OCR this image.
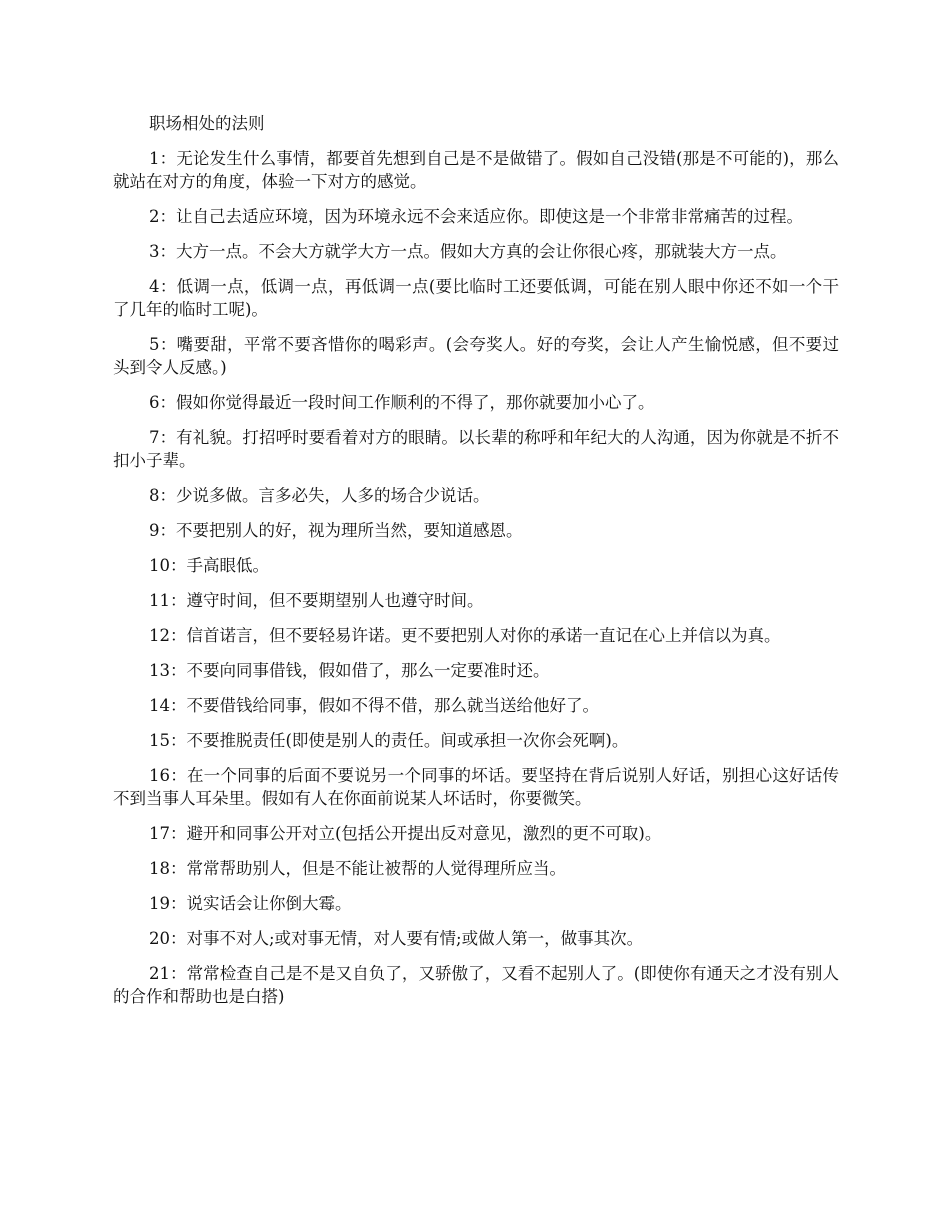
职场相处的法则

1：无论发生什么事情，都要首先想到自己是不是做错了。假如自己没错(那是不可能的)，那么就站在对方的角度，体验一下对方的感觉。

2：让自己去适应环境，因为环境永远不会来适应你。即使这是一个非常非常痛苦的过程。

3：大方一点。不会大方就学大方一点。假如大方真的会让你很心疼，那就装大方一点。

4：低调一点，低调一点，再低调一点(要比临时工还要低调，可能在别人眼中你还不如一个干了几年的临时工呢)。

5：嘴要甜，平常不要吝惜你的喝彩声。(会夸奖人。好的夸奖，会让人产生愉悦感，但不要过头到令人反感。)

6：假如你觉得最近一段时间工作顺利的不得了，那你就要加小心了。

7：有礼貌。打招呼时要看着对方的眼睛。以长辈的称呼和年纪大的人沟通，因为你就是不折不扣小子辈。

8：少说多做。言多必失，人多的场合少说话。

9：不要把别人的好，视为理所当然，要知道感恩。

10：手高眼低。

11：遵守时间，但不要期望别人也遵守时间。

12：信首诺言，但不要轻易许诺。更不要把别人对你的承诺一直记在心上并信以为真。

13：不要向同事借钱，假如借了，那么一定要准时还。

14：不要借钱给同事，假如不得不借，那么就当送给他好了。

15：不要推脱责任(即使是别人的责任。间或承担一次你会死啊)。

16：在一个同事的后面不要说另一个同事的坏话。要坚持在背后说别人好话，别担心这好话传不到当事人耳朵里。假如有人在你面前说某人坏话时，你要微笑。

17：避开和同事公开对立(包括公开提出反对意见，激烈的更不可取)。

18：常常帮助别人，但是不能让被帮的人觉得理所应当。

19：说实话会让你倒大霉。

20：对事不对人;或对事无情，对人要有情;或做人第一，做事其次。

21：常常检查自己是不是又自负了，又骄傲了，又看不起别人了。(即使你有通天之才没有别人的合作和帮助也是白搭)
